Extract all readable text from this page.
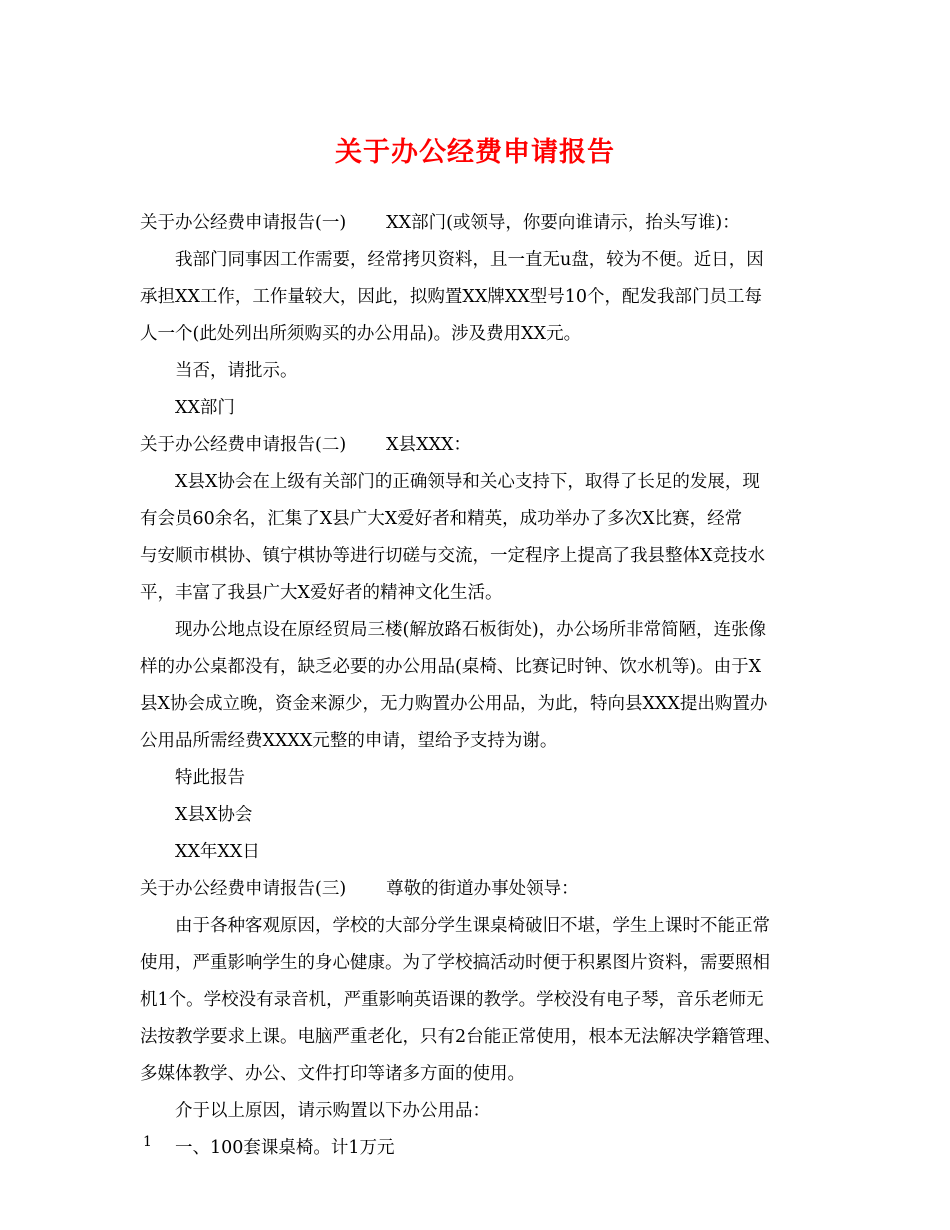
关于办公经费申请报告
关于办公经费申请报告(一) XX部门(或领导，你要向谁请示，抬头写谁)：
我部门同事因工作需要，经常拷贝资料，且一直无u盘，较为不便。近日，因
承担XX工作，工作量较大，因此，拟购置XX牌XX型号10个，配发我部门员工每
人一个(此处列出所须购买的办公用品)。涉及费用XX元。
当否，请批示。
XX部门
关于办公经费申请报告(二) X县XXX：
X县X协会在上级有关部门的正确领导和关心支持下，取得了长足的发展，现
有会员60余名，汇集了X县广大X爱好者和精英，成功举办了多次X比赛，经常
与安顺市棋协、镇宁棋协等进行切磋与交流，一定程序上提高了我县整体X竞技水
平，丰富了我县广大X爱好者的精神文化生活。
现办公地点设在原经贸局三楼(解放路石板街处)，办公场所非常简陋，连张像
样的办公桌都没有，缺乏必要的办公用品(桌椅、比赛记时钟、饮水机等)。由于X
县X协会成立晚，资金来源少，无力购置办公用品，为此，特向县XXX提出购置办
公用品所需经费XXXX元整的申请，望给予支持为谢。
特此报告
X县X协会
XX年XX日
关于办公经费申请报告(三) 尊敬的街道办事处领导：
由于各种客观原因，学校的大部分学生课桌椅破旧不堪，学生上课时不能正常
使用，严重影响学生的身心健康。为了学校搞活动时便于积累图片资料，需要照相
机1个。学校没有录音机，严重影响英语课的教学。学校没有电子琴，音乐老师无
法按教学要求上课。电脑严重老化，只有2台能正常使用，根本无法解决学籍管理、
多媒体教学、办公、文件打印等诸多方面的使用。
介于以上原因，请示购置以下办公用品：
一、100套课桌椅。计1万元
1
